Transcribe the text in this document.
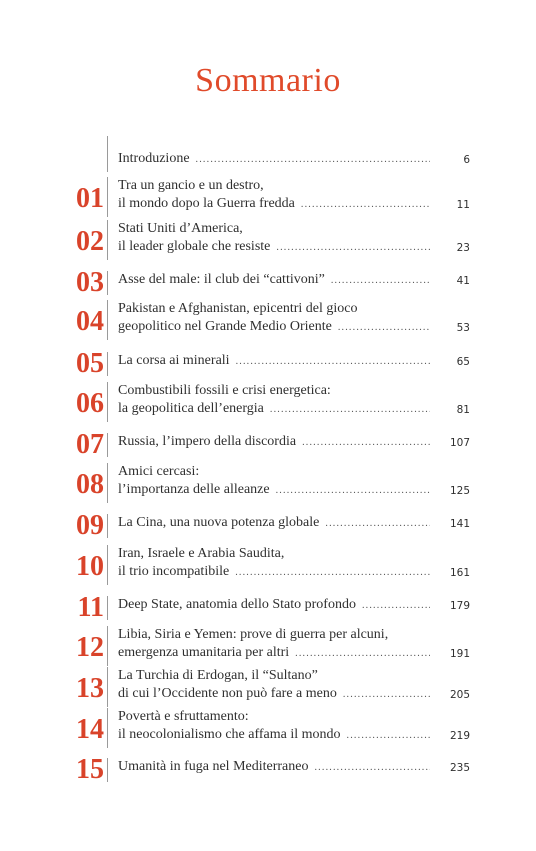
Sommario
Introduzione .....	6
01 Tra un gancio e un destro,
il mondo dopo la Guerra fredda .....	11
02 Stati Uniti d’America,
il leader globale che resiste .....	23
03 Asse del male: il club dei “cattivoni” .....	41
04 Pakistan e Afghanistan, epicentri del gioco
geopolitico nel Grande Medio Oriente .....	53
05 La corsa ai minerali .....	65
06 Combustibili fossili e crisi energetica:
la geopolitica dell’energia .....	81
07 Russia, l’impero della discordia .....	107
08 Amici cercasi:
l’importanza delle alleanze .....	125
09 La Cina, una nuova potenza globale .....	141
10 Iran, Israele e Arabia Saudita,
il trio incompatibile .....	161
11 Deep State, anatomia dello Stato profondo .....	179
12 Libia, Siria e Yemen: prove di guerra per alcuni,
emergenza umanitaria per altri .....	191
13 La Turchia di Erdogan, il “Sultano”
di cui l’Occidente non può fare a meno .....	205
14 Povertà e sfruttamento:
il neocolonialismo che affama il mondo .....	219
15 Umanità in fuga nel Mediterraneo .....	235
